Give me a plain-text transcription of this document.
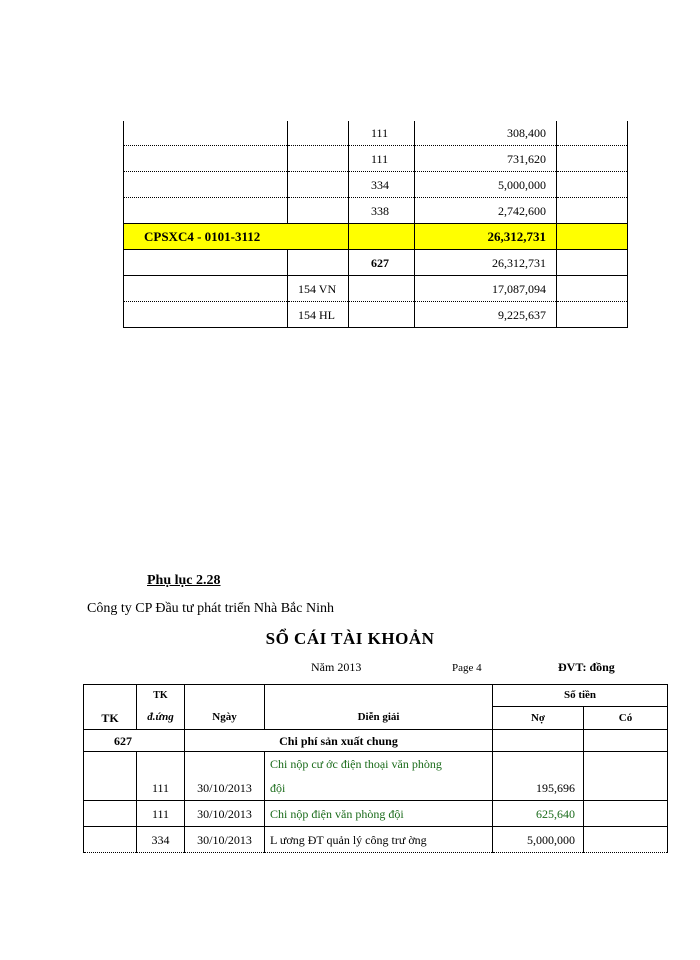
		111	308,400	
		111	731,620	
		334	5,000,000	
		338	2,742,600	
CPSXC4 - 0101-3112			26,312,731	
		627	26,312,731	
	154 VN		17,087,094	
	154 HL		9,225,637	
Phụ lục 2.28
Công ty CP Đầu tư phát triển Nhà Bắc Ninh
SỔ CÁI TÀI KHOẢN
Năm 2013	Page 4	ĐVT: đồng
	TK			Số tiền	
TK	đ.ứng	Ngày	Diễn giải	Nợ	Có
627		Chi phí sản xuất chung			
			Chi nộp cư ớc điện thoại văn phòng		
	111	30/10/2013	đội	195,696	
	111	30/10/2013	Chi nộp điện văn phòng đội	625,640	
	334	30/10/2013	L ương ĐT quản lý công trư ờng	5,000,000	
